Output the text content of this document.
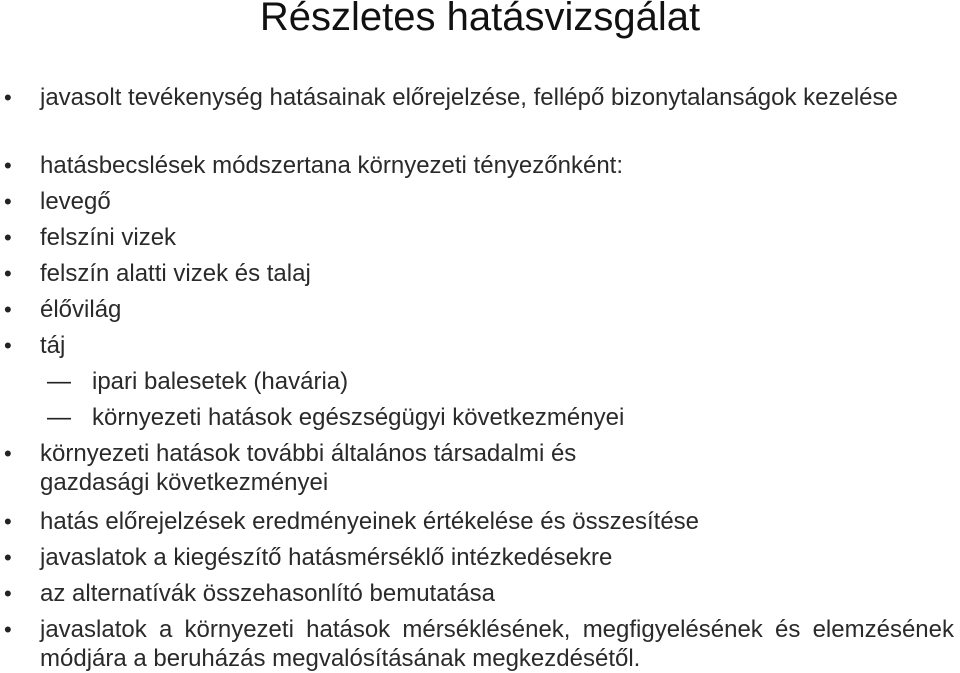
Részletes hatásvizsgálat
• javasolt tevékenység hatásainak előrejelzése, fellépő bizonytalanságok kezelése
• hatásbecslések módszertana környezeti tényezőnként:
• levegő
• felszíni vizek
• felszín alatti vizek és talaj
• élővilág
• táj
— ipari balesetek (havária)
— környezeti hatások egészségügyi következményei
• környezeti hatások további általános társadalmi és gazdasági következményei
• hatás előrejelzések eredményeinek értékelése és összesítése
• javaslatok a kiegészítő hatásmérséklő intézkedésekre
• az alternatívák összehasonlító bemutatása
• javaslatok a környezeti hatások mérséklésének, megfigyelésének és elemzésének módjára a beruházás megvalósításának megkezdésétől.
